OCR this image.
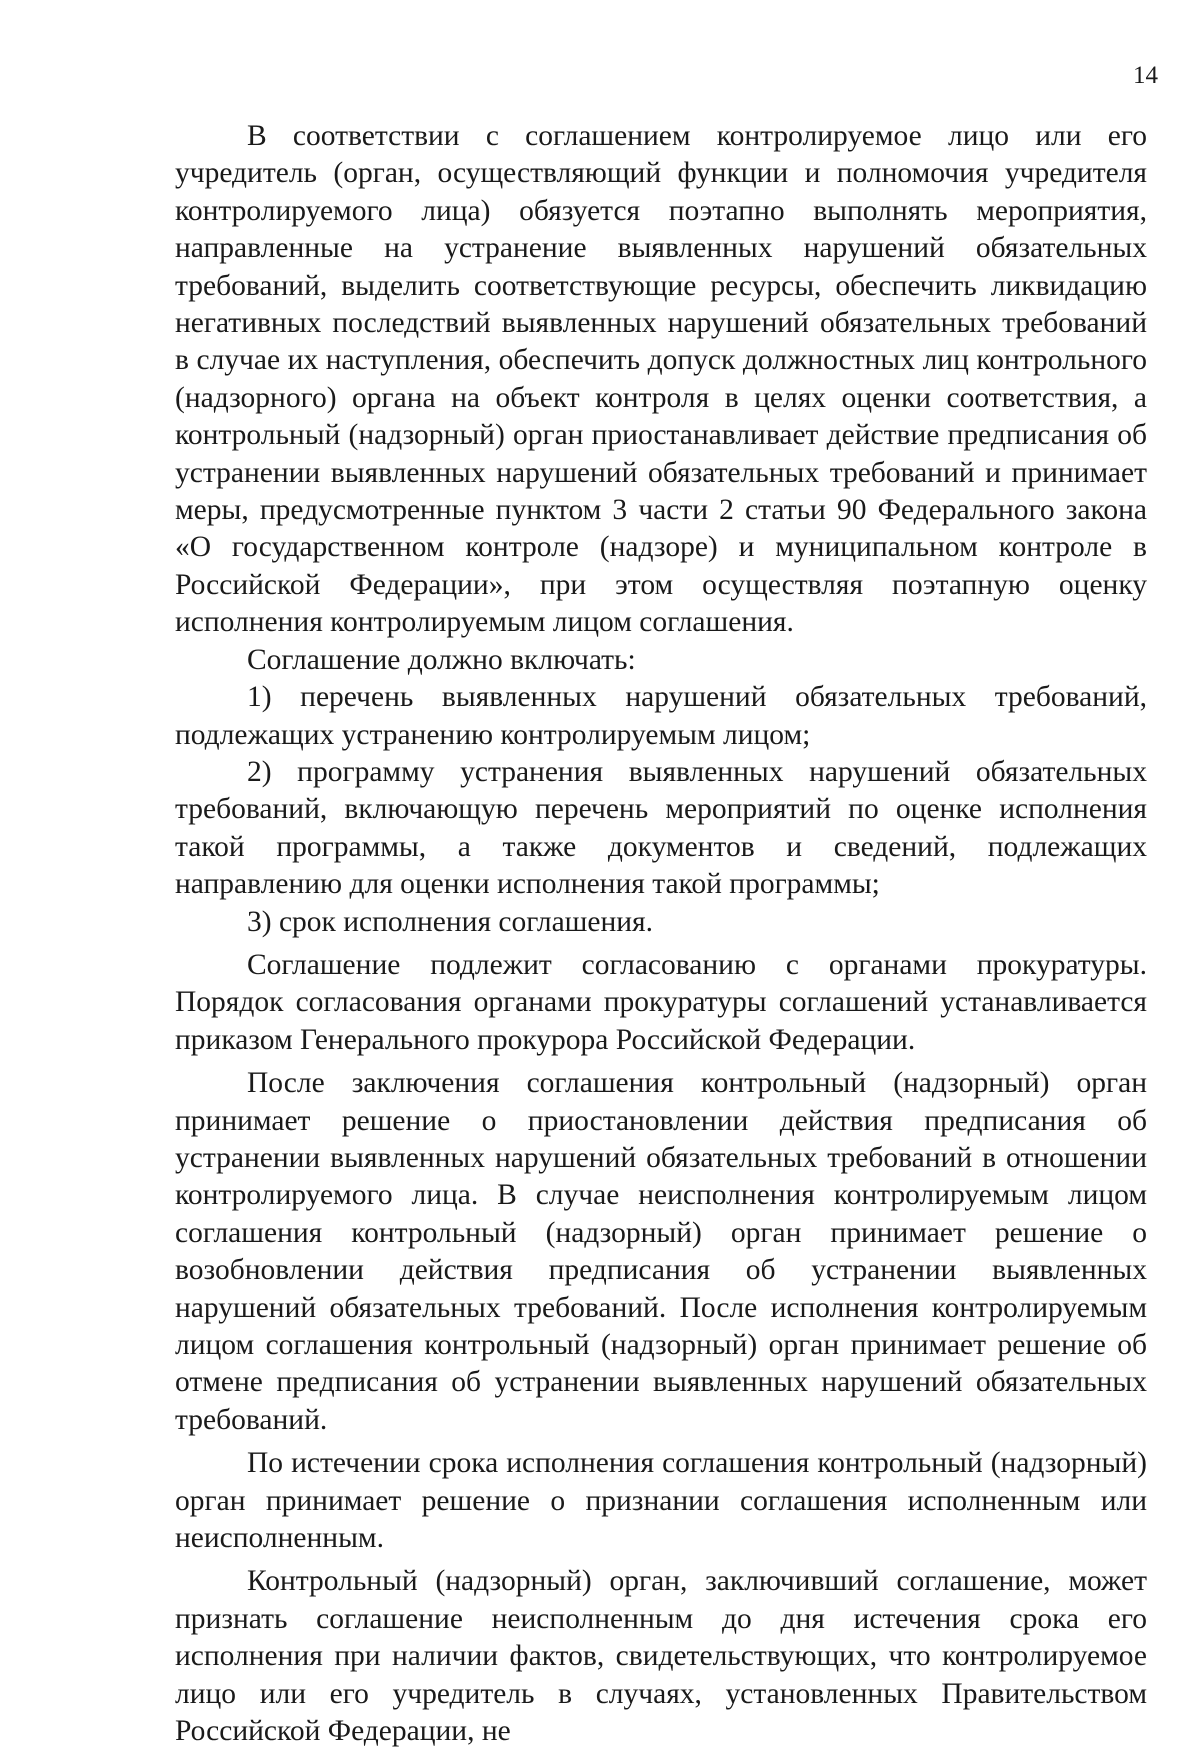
14

В соответствии с соглашением контролируемое лицо или его учредитель (орган, осуществляющий функции и полномочия учредителя контролируемого лица) обязуется поэтапно выполнять мероприятия, направленные на устранение выявленных нарушений обязательных требований, выделить соответствующие ресурсы, обеспечить ликвидацию негативных последствий выявленных нарушений обязательных требований в случае их наступления, обеспечить допуск должностных лиц контрольного (надзорного) органа на объект контроля в целях оценки соответствия, а контрольный (надзорный) орган приостанавливает действие предписания об устранении выявленных нарушений обязательных требований и принимает меры, предусмотренные пунктом 3 части 2 статьи 90 Федерального закона «О государственном контроле (надзоре) и муниципальном контроле в Российской Федерации», при этом осуществляя поэтапную оценку исполнения контролируемым лицом соглашения.

Соглашение должно включать:

1) перечень выявленных нарушений обязательных требований, подлежащих устранению контролируемым лицом;

2) программу устранения выявленных нарушений обязательных требований, включающую перечень мероприятий по оценке исполнения такой программы, а также документов и сведений, подлежащих направлению для оценки исполнения такой программы;

3) срок исполнения соглашения.

Соглашение подлежит согласованию с органами прокуратуры. Порядок согласования органами прокуратуры соглашений устанавливается приказом Генерального прокурора Российской Федерации.

После заключения соглашения контрольный (надзорный) орган принимает решение о приостановлении действия предписания об устранении выявленных нарушений обязательных требований в отношении контролируемого лица. В случае неисполнения контролируемым лицом соглашения контрольный (надзорный) орган принимает решение о возобновлении действия предписания об устранении выявленных нарушений обязательных требований. После исполнения контролируемым лицом соглашения контрольный (надзорный) орган принимает решение об отмене предписания об устранении выявленных нарушений обязательных требований.

По истечении срока исполнения соглашения контрольный (надзорный) орган принимает решение о признании соглашения исполненным или неисполненным.

Контрольный (надзорный) орган, заключивший соглашение, может признать соглашение неисполненным до дня истечения срока его исполнения при наличии фактов, свидетельствующих, что контролируемое лицо или его учредитель в случаях, установленных Правительством Российской Федерации, не
